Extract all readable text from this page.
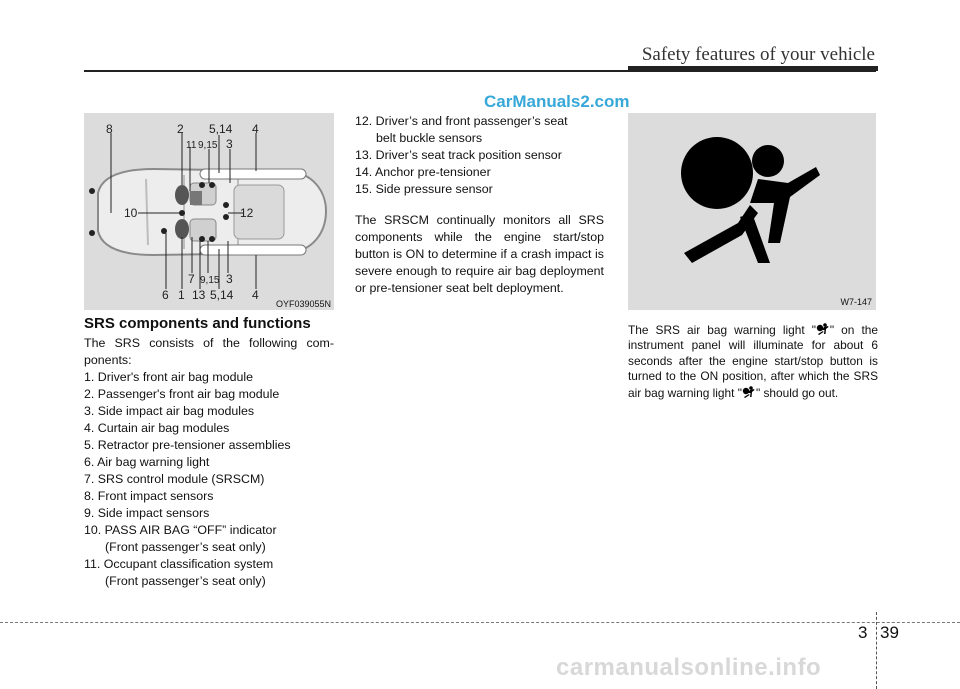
Safety features of your vehicle
CarManuals2.com
8	2 5,14 4
11 9,15 3
10	12
7 9,15 3
6 1 13 5,14 4
OYF039055N
SRS components and functions
The SRS consists of the following com-ponents:
1. Driver's front air bag module
2. Passenger's front air bag module
3. Side impact air bag modules
4. Curtain air bag modules
5. Retractor pre-tensioner assemblies
6. Air bag warning light
7. SRS control module (SRSCM)
8. Front impact sensors
9. Side impact sensors
10. PASS AIR BAG “OFF” indicator
(Front passenger’s seat only)
11. Occupant classification system
(Front passenger’s seat only)
12. Driver’s and front passenger’s seat
belt buckle sensors
13. Driver’s seat track position sensor
14. Anchor pre-tensioner
15. Side pressure sensor
The SRSCM continually monitors all SRS components while the engine start/stop button is ON to determine if a crash impact is severe enough to require air bag deployment or pre-tensioner seat belt deployment.
W7-147
The SRS air bag warning light " " on the instrument panel will illuminate for about 6 seconds after the engine start/stop button is turned to the ON position, after which the SRS air bag warning light " " should go out.
3 39
carmanualsonline.info
